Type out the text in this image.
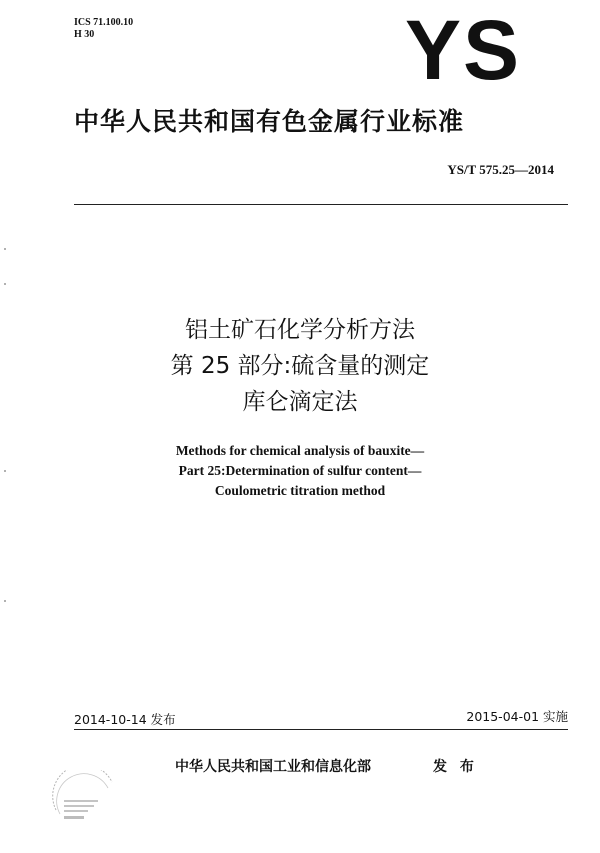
ICS 71.100.10
H 30	YS
中华人民共和国有色金属行业标准
YS/T 575.25—2014
铝土矿石化学分析方法
第 25 部分:硫含量的测定
库仑滴定法
Methods for chemical analysis of bauxite—
Part 25:Determination of sulfur content—
Coulometric titration method
2014-10-14 发布	2015-04-01 实施
中华人民共和国工业和信息化部	发 布
